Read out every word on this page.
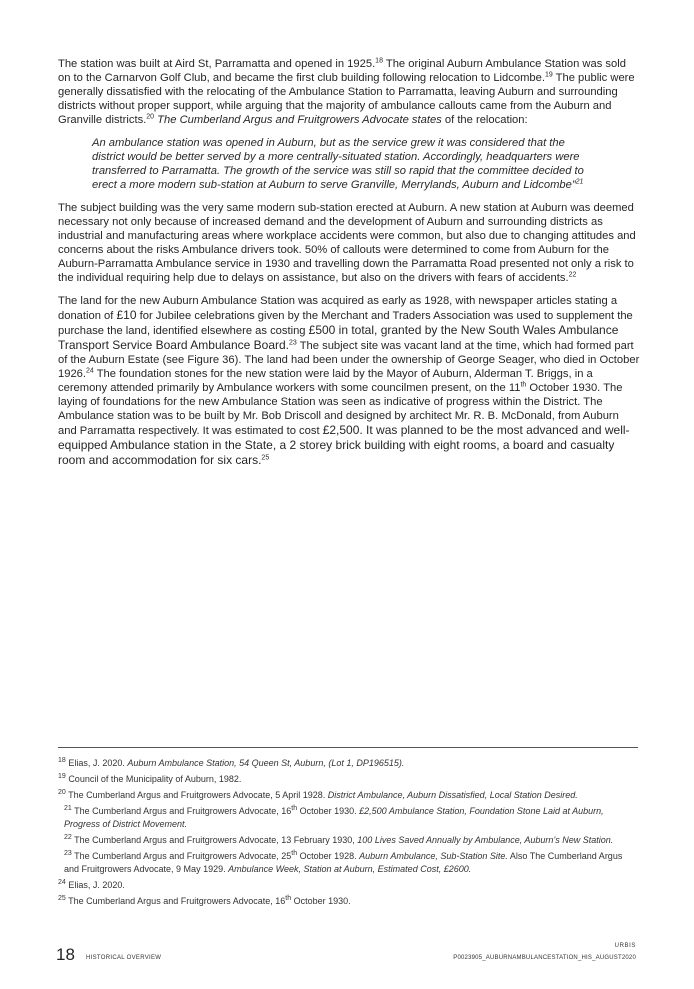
The station was built at Aird St, Parramatta and opened in 1925.18 The original Auburn Ambulance Station was sold on to the Carnarvon Golf Club, and became the first club building following relocation to Lidcombe.$^{19}$ The public were generally dissatisfied with the relocating of the Ambulance Station to Parramatta, leaving Auburn and surrounding districts without proper support, while arguing that the majority of ambulance callouts came from the Auburn and Granville districts.$^{20}$ The Cumberland Argus and Fruitgrowers Advocate states of the relocation:

An ambulance station was opened in Auburn, but as the service grew it was considered that the district would be better served by a more centrally-situated station. Accordingly, headquarters were transferred to Parramatta. The growth of the service was still so rapid that the committee decided to erect a more modern sub-station at Auburn to serve Granville, Merrylands, Auburn and Lidcombe”$^{21}$

The subject building was the very same modern sub-station erected at Auburn. A new station at Auburn was deemed necessary not only because of increased demand and the development of Auburn and surrounding districts as industrial and manufacturing areas where workplace accidents were common, but also due to changing attitudes and concerns about the risks Ambulance drivers took. 50% of callouts were determined to come from Auburn for the Auburn-Parramatta Ambulance service in 1930 and travelling down the Parramatta Road presented not only a risk to the individual requiring help due to delays on assistance, but also on the drivers with fears of accidents.$^{22}$

The land for the new Auburn Ambulance Station was acquired as early as 1928, with newspaper articles stating a donation of £10 for Jubilee celebrations given by the Merchant and Traders Association was used to supplement the purchase the land, identified elsewhere as costing £500 in total, granted by the New South Wales Ambulance Transport Service Board Ambulance Board.$^{23}$ The subject site was vacant land at the time, which had formed part of the Auburn Estate (see Figure 36). The land had been under the ownership of George Seager, who died in October 1926.24 The foundation stones for the new station were laid by the Mayor of Auburn, Alderman T. Briggs, in a ceremony attended primarily by Ambulance workers with some councilmen present, on the 11th October 1930. The laying of foundations for the new Ambulance Station was seen as indicative of progress within the District. The Ambulance station was to be built by Mr. Bob Driscoll and designed by architect Mr. R. B. McDonald, from Auburn and Parramatta respectively. It was estimated to cost £2,500. It was planned to be the most advanced and well-equipped Ambulance station in the State, a 2 storey brick building with eight rooms, a board and casualty room and accommodation for six cars.$^{25}$

$^{18}$ Elias, J. 2020. Auburn Ambulance Station, 54 Queen St, Auburn, (Lot 1, DP196515).

$^{19}$ Council of the Municipality of Auburn, 1982.

$^{20}$ The Cumberland Argus and Fruitgrowers Advocate, 5 April 1928. District Ambulance, Auburn Dissatisfied, Local Station Desired.

$^{21}$ The Cumberland Argus and Fruitgrowers Advocate, 16th October 1930. £2,500 Ambulance Station, Foundation Stone Laid at Auburn, Progress of District Movement.

$^{22}$ The Cumberland Argus and Fruitgrowers Advocate, 13 February 1930, 100 Lives Saved Annually by Ambulance, Auburn’s New Station.

$^{23}$ The Cumberland Argus and Fruitgrowers Advocate, 25th October 1928. Auburn Ambulance, Sub-Station Site. Also The Cumberland Argus and Fruitgrowers Advocate, 9 May 1929. Ambulance Week, Station at Auburn, Estimated Cost, £2600.

$^{24}$ Elias, J. 2020.

$^{25}$ The Cumberland Argus and Fruitgrowers Advocate, 16th October 1930.

18 HISTORICAL OVERVIEW
URBIS
P0023905_AUBURNAMBULANCESTATION_HIS_AUGUST2020
